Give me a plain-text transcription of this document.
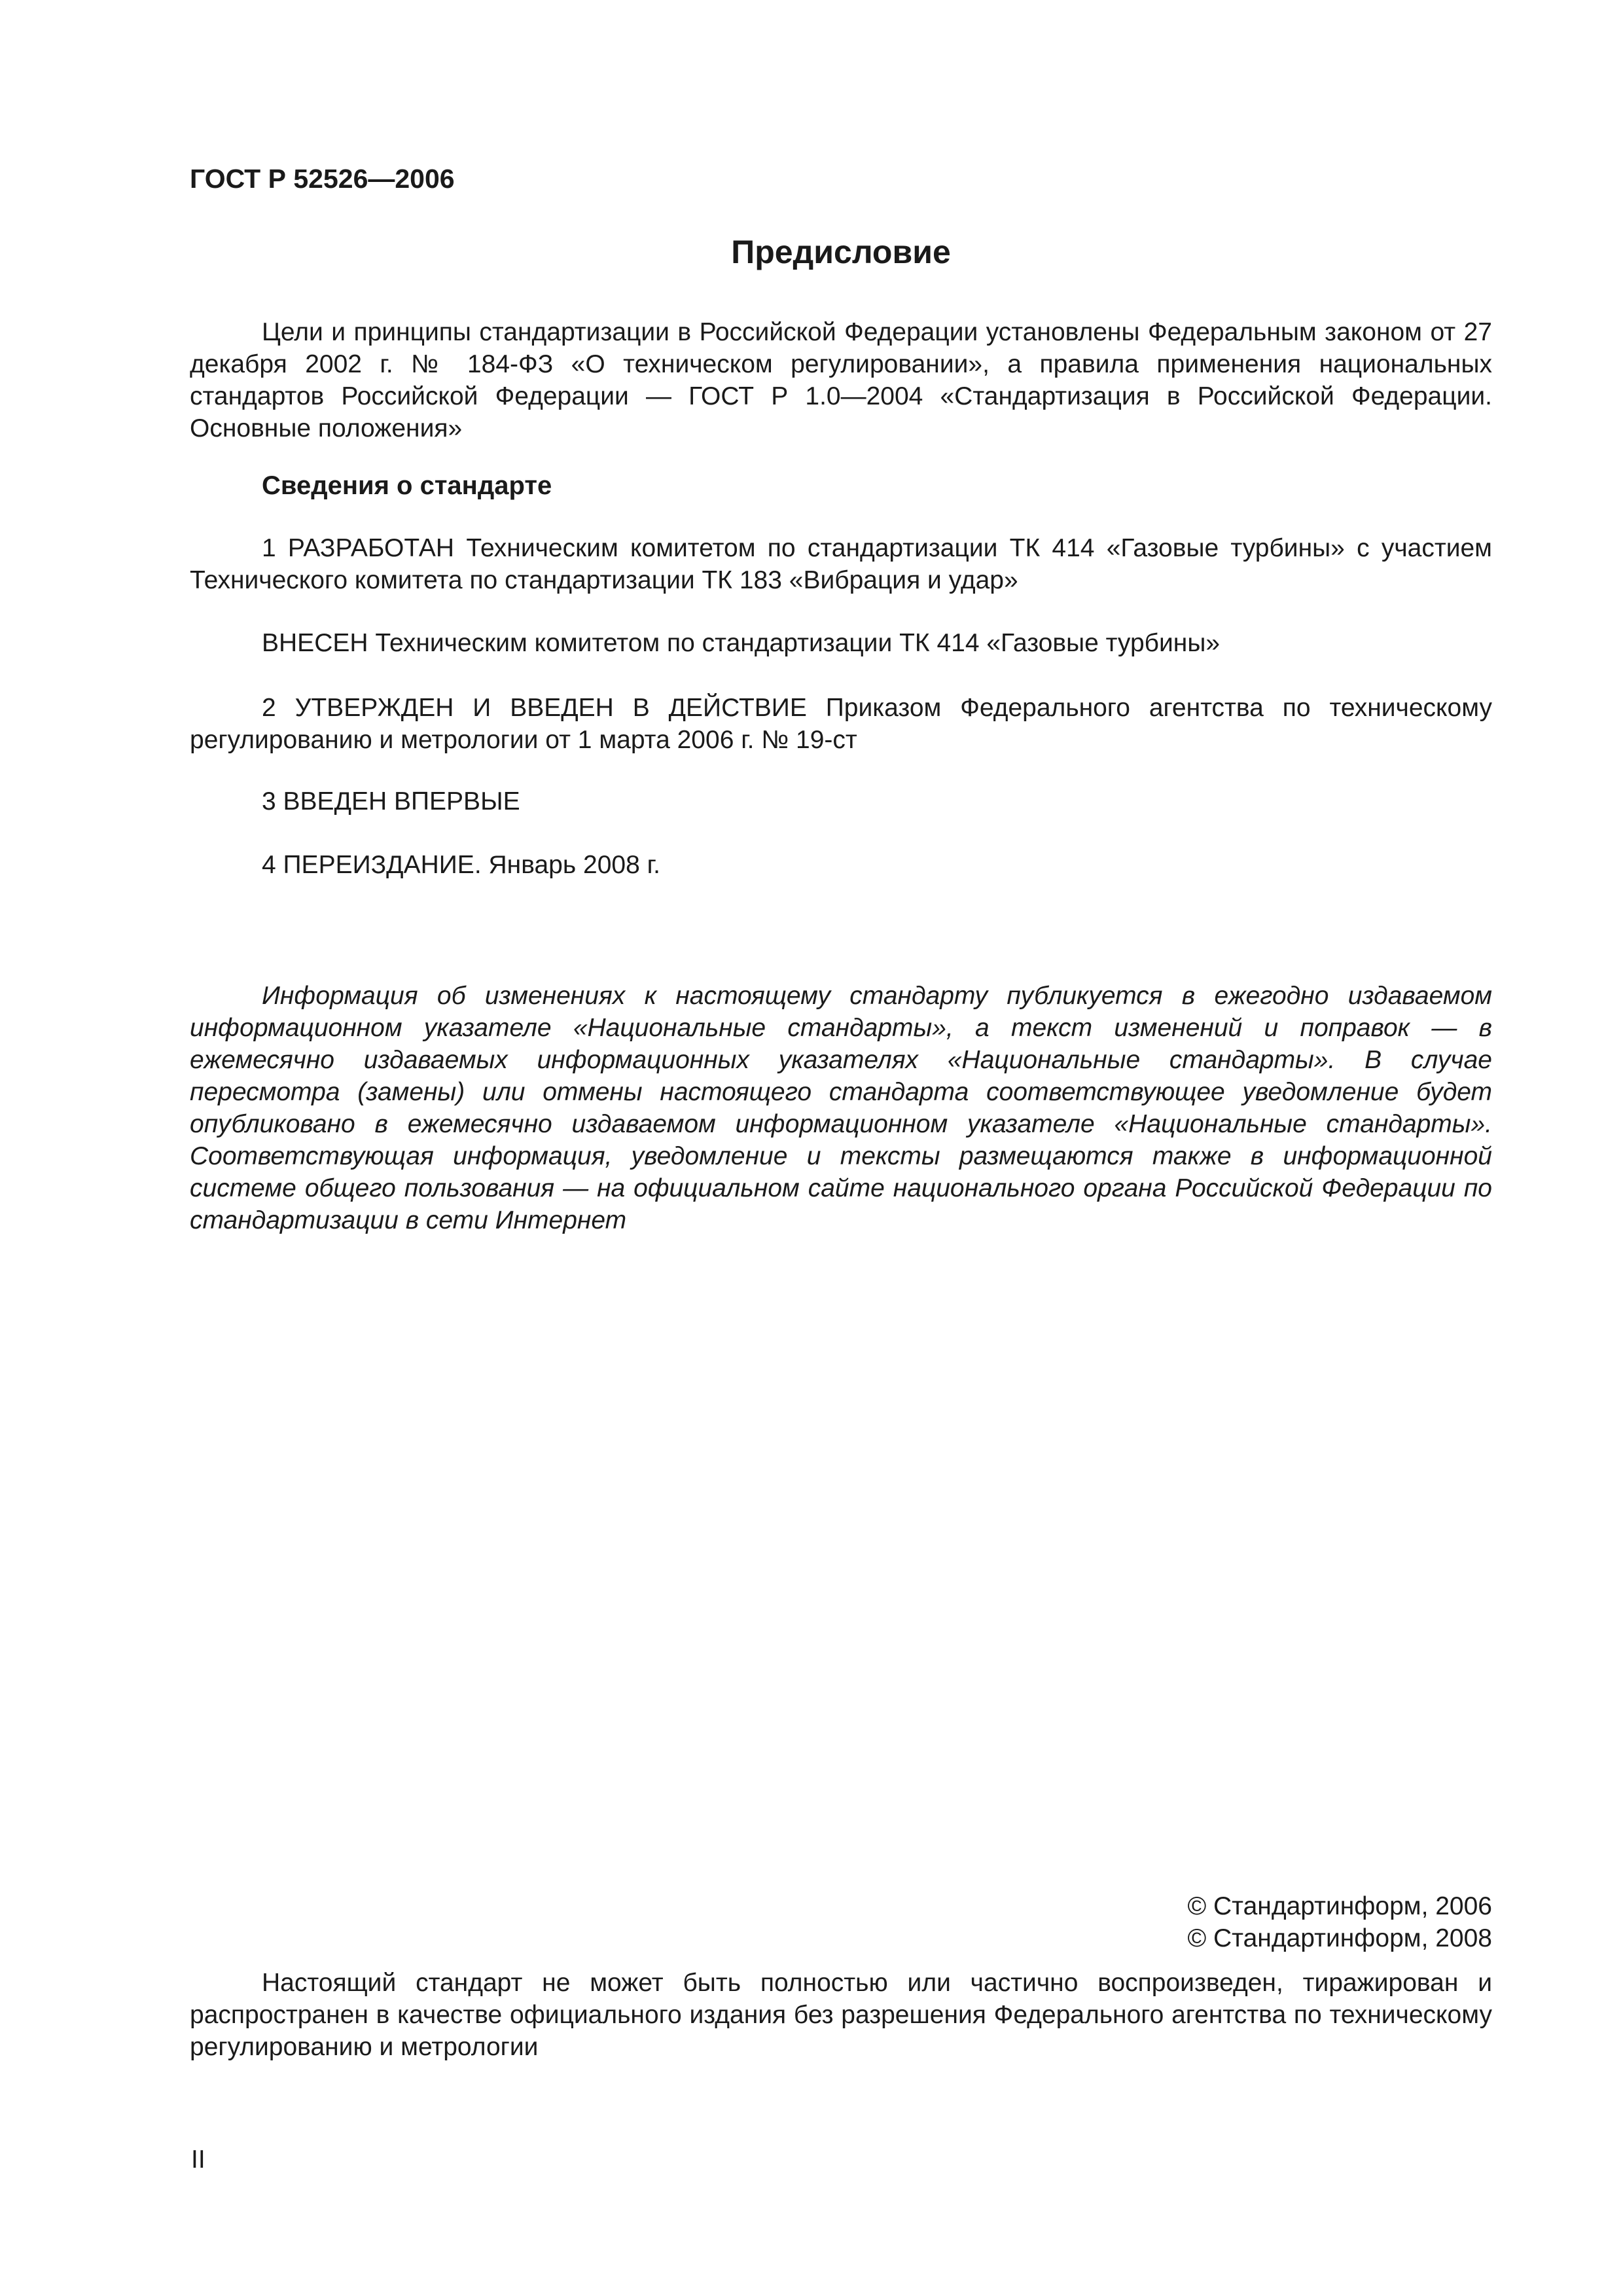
ГОСТ Р 52526—2006
Предисловие

Цели и принципы стандартизации в Российской Федерации установлены Федеральным законом от 27 декабря 2002 г. № 184-ФЗ «О техническом регулировании», а правила применения национальных стандартов Российской Федерации — ГОСТ Р 1.0—2004 «Стандартизация в Российской Федерации. Основные положения»

Сведения о стандарте

1 РАЗРАБОТАН Техническим комитетом по стандартизации ТК 414 «Газовые турбины» с участием Технического комитета по стандартизации ТК 183 «Вибрация и удар»

ВНЕСЕН Техническим комитетом по стандартизации ТК 414 «Газовые турбины»

2 УТВЕРЖДЕН И ВВЕДЕН В ДЕЙСТВИЕ Приказом Федерального агентства по техническому регулированию и метрологии от 1 марта 2006 г. № 19-ст

3 ВВЕДЕН ВПЕРВЫЕ

4 ПЕРЕИЗДАНИЕ. Январь 2008 г.

Информация об изменениях к настоящему стандарту публикуется в ежегодно издаваемом информационном указателе «Национальные стандарты», а текст изменений и поправок — в ежемесячно издаваемых информационных указателях «Национальные стандарты». В случае пересмотра (замены) или отмены настоящего стандарта соответствующее уведомление будет опубликовано в ежемесячно издаваемом информационном указателе «Национальные стандарты». Соответствующая информация, уведомление и тексты размещаются также в информационной системе общего пользования — на официальном сайте национального органа Российской Федерации по стандартизации в сети Интернет

© Стандартинформ, 2006
© Стандартинформ, 2008

Настоящий стандарт не может быть полностью или частично воспроизведен, тиражирован и распространен в качестве официального издания без разрешения Федерального агентства по техническому регулированию и метрологии

II
